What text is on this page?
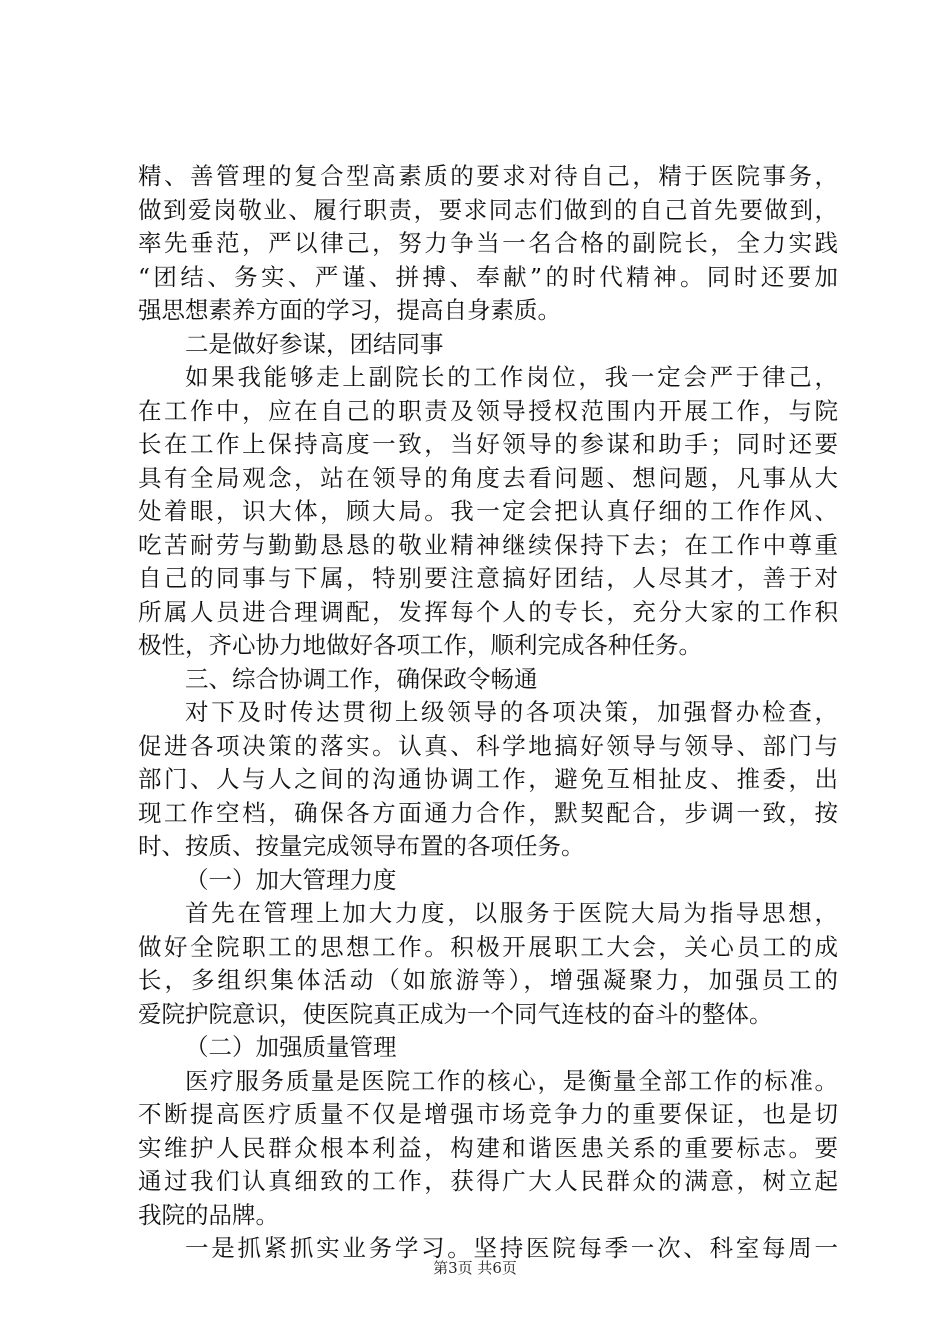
精、善管理的复合型高素质的要求对待自己，精于医院事务，
做到爱岗敬业、履行职责，要求同志们做到的自己首先要做到，
率先垂范，严以律己，努力争当一名合格的副院长，全力实践
“团结、务实、严谨、拼搏、奉献”的时代精神。同时还要加
强思想素养方面的学习，提高自身素质。
二是做好参谋，团结同事
如果我能够走上副院长的工作岗位，我一定会严于律己，
在工作中，应在自己的职责及领导授权范围内开展工作，与院
长在工作上保持高度一致，当好领导的参谋和助手；同时还要
具有全局观念，站在领导的角度去看问题、想问题，凡事从大
处着眼，识大体，顾大局。我一定会把认真仔细的工作作风、
吃苦耐劳与勤勤恳恳的敬业精神继续保持下去；在工作中尊重
自己的同事与下属，特别要注意搞好团结，人尽其才，善于对
所属人员进合理调配，发挥每个人的专长，充分大家的工作积
极性，齐心协力地做好各项工作，顺利完成各种任务。
三、综合协调工作，确保政令畅通
对下及时传达贯彻上级领导的各项决策，加强督办检查，
促进各项决策的落实。认真、科学地搞好领导与领导、部门与
部门、人与人之间的沟通协调工作，避免互相扯皮、推委，出
现工作空档，确保各方面通力合作，默契配合，步调一致，按
时、按质、按量完成领导布置的各项任务。
（一）加大管理力度
首先在管理上加大力度，以服务于医院大局为指导思想，
做好全院职工的思想工作。积极开展职工大会，关心员工的成
长，多组织集体活动（如旅游等），增强凝聚力，加强员工的
爱院护院意识，使医院真正成为一个同气连枝的奋斗的整体。
（二）加强质量管理
医疗服务质量是医院工作的核心，是衡量全部工作的标准。
不断提高医疗质量不仅是增强市场竞争力的重要保证，也是切
实维护人民群众根本利益，构建和谐医患关系的重要标志。要
通过我们认真细致的工作，获得广大人民群众的满意，树立起
我院的品牌。
一是抓紧抓实业务学习。坚持医院每季一次、科室每周一
第3页 共6页
